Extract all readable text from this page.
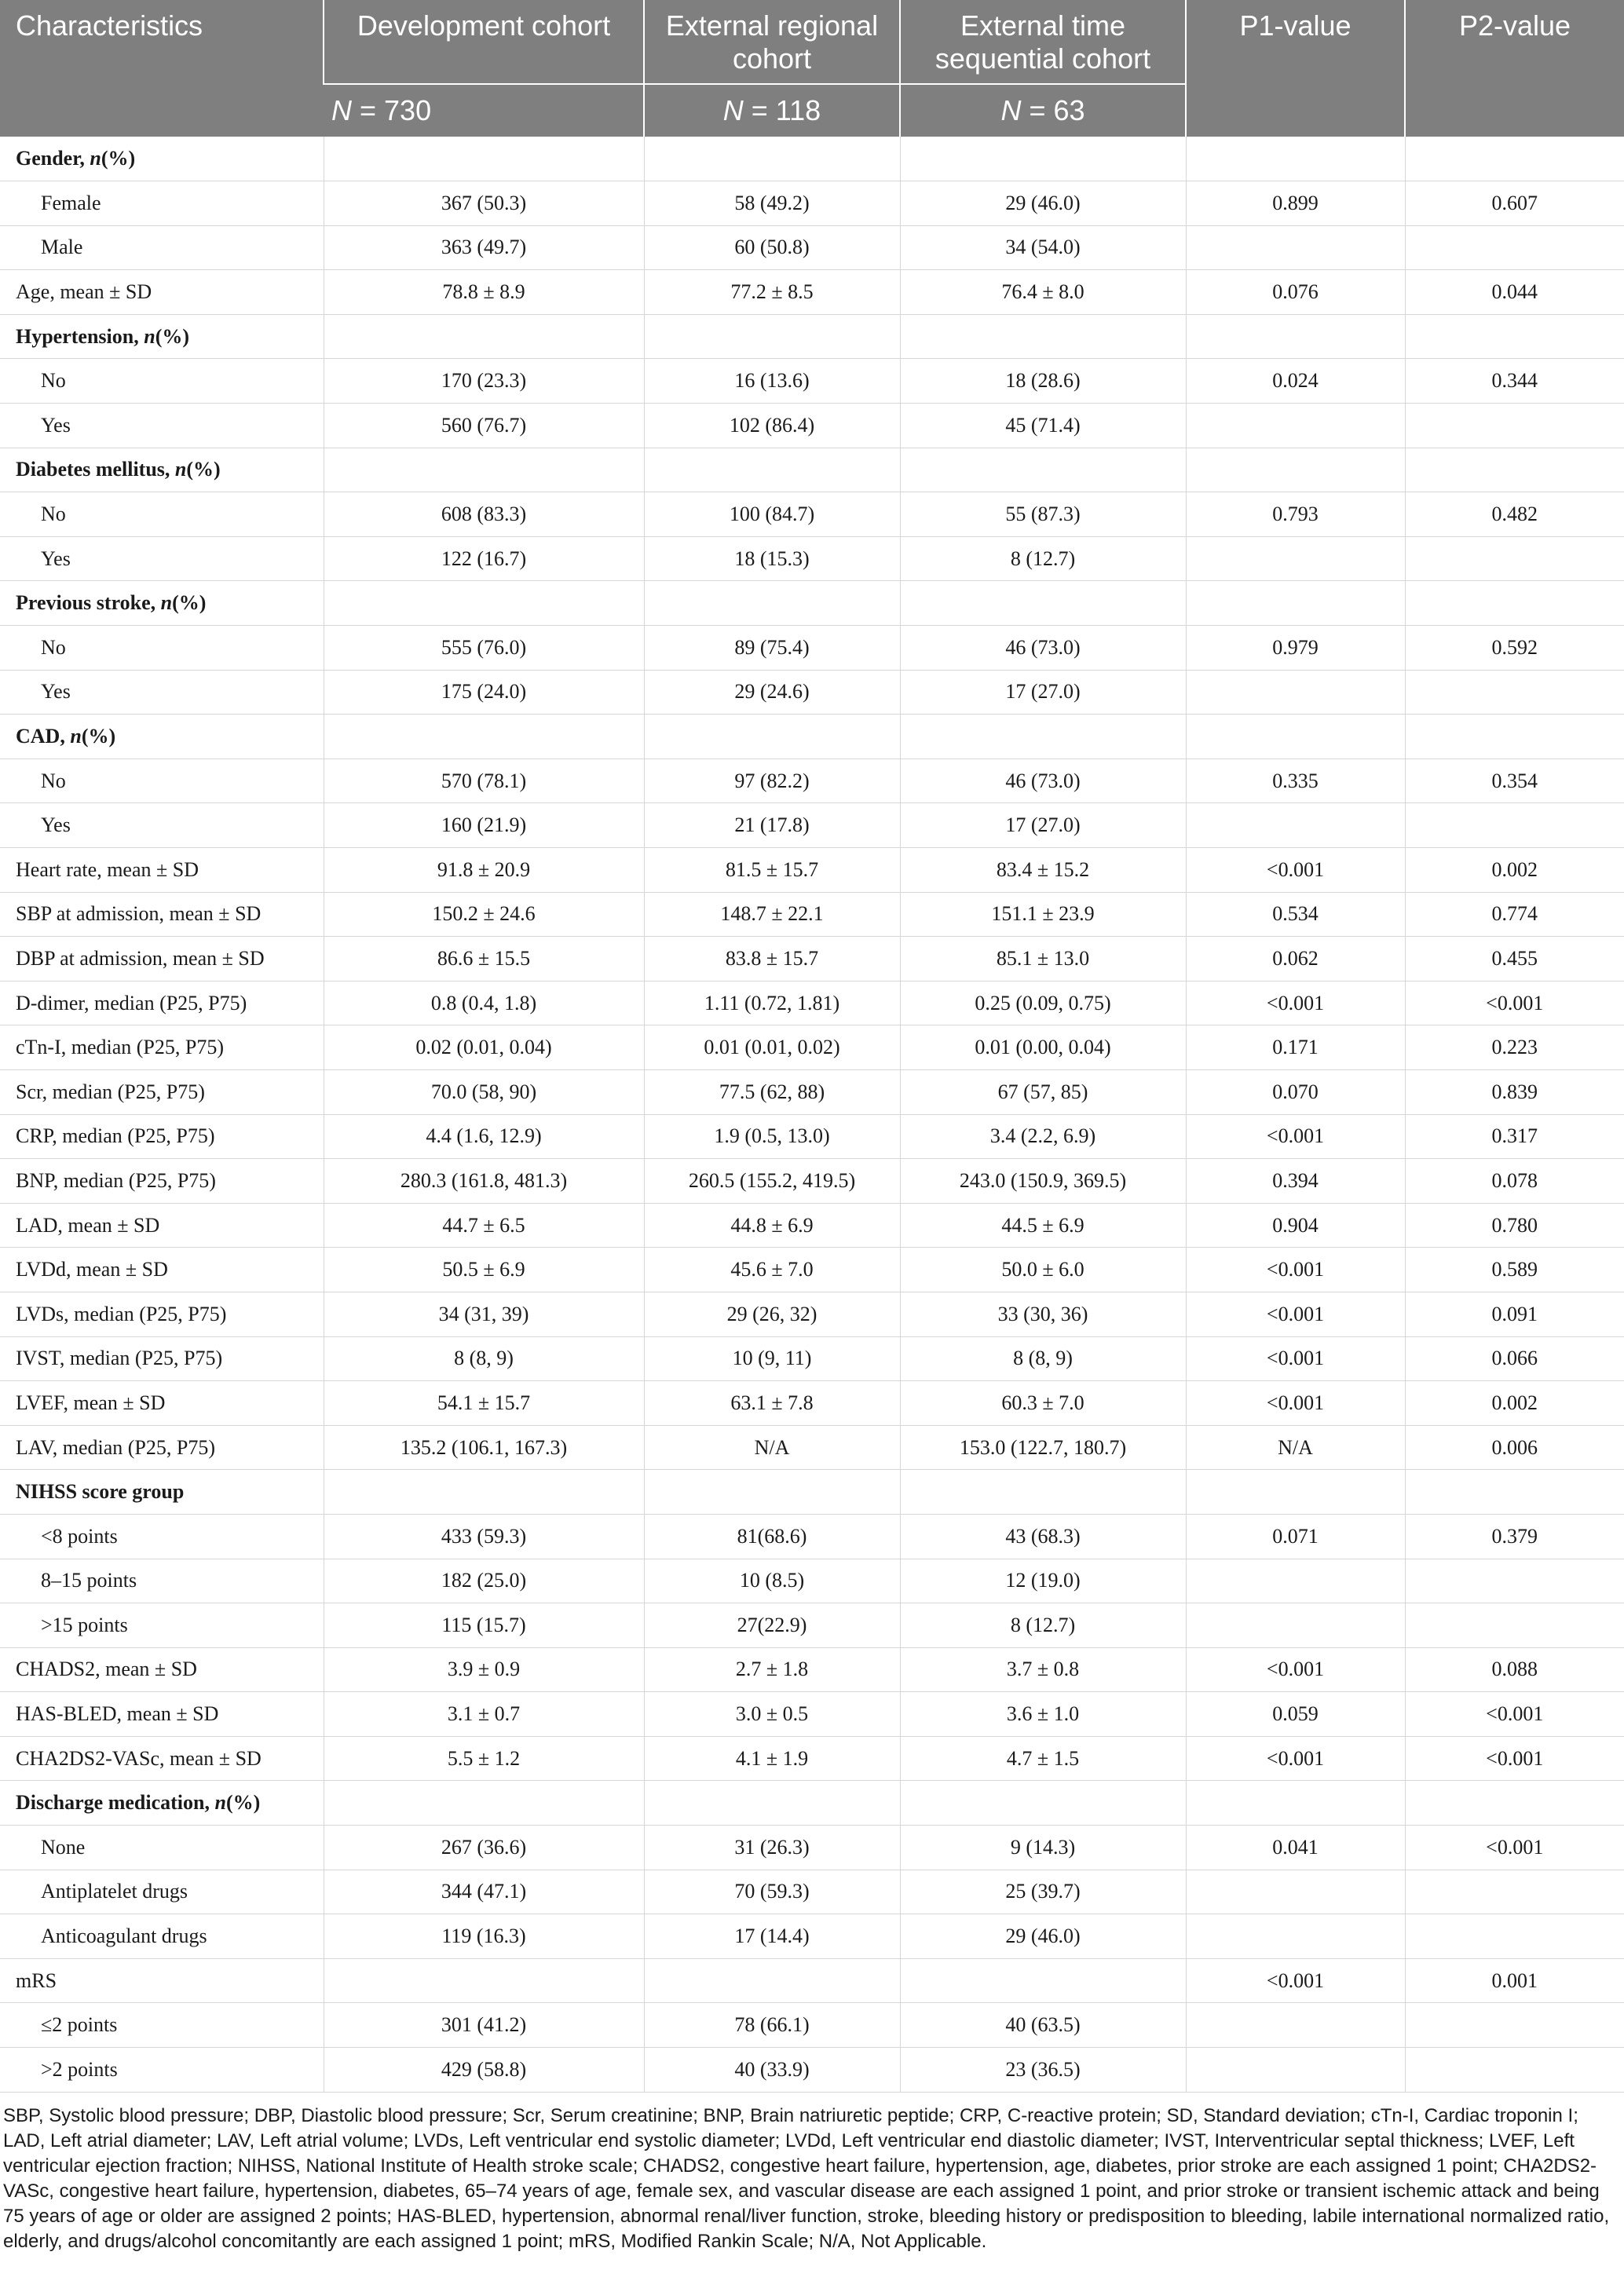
Characteristics	Development cohort	External regional cohort	External time sequential cohort	P1-value	P2-value
	N = 730	N = 118	N = 63		
Gender, n(%)					
Female	367 (50.3)	58 (49.2)	29 (46.0)	0.899	0.607
Male	363 (49.7)	60 (50.8)	34 (54.0)		
Age, mean ± SD	78.8 ± 8.9	77.2 ± 8.5	76.4 ± 8.0	0.076	0.044
Hypertension, n(%)					
No	170 (23.3)	16 (13.6)	18 (28.6)	0.024	0.344
Yes	560 (76.7)	102 (86.4)	45 (71.4)		
Diabetes mellitus, n(%)					
No	608 (83.3)	100 (84.7)	55 (87.3)	0.793	0.482
Yes	122 (16.7)	18 (15.3)	8 (12.7)		
Previous stroke, n(%)					
No	555 (76.0)	89 (75.4)	46 (73.0)	0.979	0.592
Yes	175 (24.0)	29 (24.6)	17 (27.0)		
CAD, n(%)					
No	570 (78.1)	97 (82.2)	46 (73.0)	0.335	0.354
Yes	160 (21.9)	21 (17.8)	17 (27.0)		
Heart rate, mean ± SD	91.8 ± 20.9	81.5 ± 15.7	83.4 ± 15.2	<0.001	0.002
SBP at admission, mean ± SD	150.2 ± 24.6	148.7 ± 22.1	151.1 ± 23.9	0.534	0.774
DBP at admission, mean ± SD	86.6 ± 15.5	83.8 ± 15.7	85.1 ± 13.0	0.062	0.455
D-dimer, median (P25, P75)	0.8 (0.4, 1.8)	1.11 (0.72, 1.81)	0.25 (0.09, 0.75)	<0.001	<0.001
cTn-I, median (P25, P75)	0.02 (0.01, 0.04)	0.01 (0.01, 0.02)	0.01 (0.00, 0.04)	0.171	0.223
Scr, median (P25, P75)	70.0 (58, 90)	77.5 (62, 88)	67 (57, 85)	0.070	0.839
CRP, median (P25, P75)	4.4 (1.6, 12.9)	1.9 (0.5, 13.0)	3.4 (2.2, 6.9)	<0.001	0.317
BNP, median (P25, P75)	280.3 (161.8, 481.3)	260.5 (155.2, 419.5)	243.0 (150.9, 369.5)	0.394	0.078
LAD, mean ± SD	44.7 ± 6.5	44.8 ± 6.9	44.5 ± 6.9	0.904	0.780
LVDd, mean ± SD	50.5 ± 6.9	45.6 ± 7.0	50.0 ± 6.0	<0.001	0.589
LVDs, median (P25, P75)	34 (31, 39)	29 (26, 32)	33 (30, 36)	<0.001	0.091
IVST, median (P25, P75)	8 (8, 9)	10 (9, 11)	8 (8, 9)	<0.001	0.066
LVEF, mean ± SD	54.1 ± 15.7	63.1 ± 7.8	60.3 ± 7.0	<0.001	0.002
LAV, median (P25, P75)	135.2 (106.1, 167.3)	N/A	153.0 (122.7, 180.7)	N/A	0.006
NIHSS score group					
<8 points	433 (59.3)	81(68.6)	43 (68.3)	0.071	0.379
8–15 points	182 (25.0)	10 (8.5)	12 (19.0)		
>15 points	115 (15.7)	27(22.9)	8 (12.7)		
CHADS2, mean ± SD	3.9 ± 0.9	2.7 ± 1.8	3.7 ± 0.8	<0.001	0.088
HAS-BLED, mean ± SD	3.1 ± 0.7	3.0 ± 0.5	3.6 ± 1.0	0.059	<0.001
CHA2DS2-VASc, mean ± SD	5.5 ± 1.2	4.1 ± 1.9	4.7 ± 1.5	<0.001	<0.001
Discharge medication, n(%)					
None	267 (36.6)	31 (26.3)	9 (14.3)	0.041	<0.001
Antiplatelet drugs	344 (47.1)	70 (59.3)	25 (39.7)		
Anticoagulant drugs	119 (16.3)	17 (14.4)	29 (46.0)		
mRS				<0.001	0.001
≤2 points	301 (41.2)	78 (66.1)	40 (63.5)		
>2 points	429 (58.8)	40 (33.9)	23 (36.5)		
SBP, Systolic blood pressure; DBP, Diastolic blood pressure; Scr, Serum creatinine; BNP, Brain natriuretic peptide; CRP, C-reactive protein; SD, Standard deviation; cTn-I, Cardiac troponin I; LAD, Left atrial diameter; LAV, Left atrial volume; LVDs, Left ventricular end systolic diameter; LVDd, Left ventricular end diastolic diameter; IVST, Interventricular septal thickness; LVEF, Left ventricular ejection fraction; NIHSS, National Institute of Health stroke scale; CHADS2, congestive heart failure, hypertension, age, diabetes, prior stroke are each assigned 1 point; CHA2DS2-VASc, congestive heart failure, hypertension, diabetes, 65–74 years of age, female sex, and vascular disease are each assigned 1 point, and prior stroke or transient ischemic attack and being 75 years of age or older are assigned 2 points; HAS-BLED, hypertension, abnormal renal/liver function, stroke, bleeding history or predisposition to bleeding, labile international normalized ratio, elderly, and drugs/alcohol concomitantly are each assigned 1 point; mRS, Modified Rankin Scale; N/A, Not Applicable.
